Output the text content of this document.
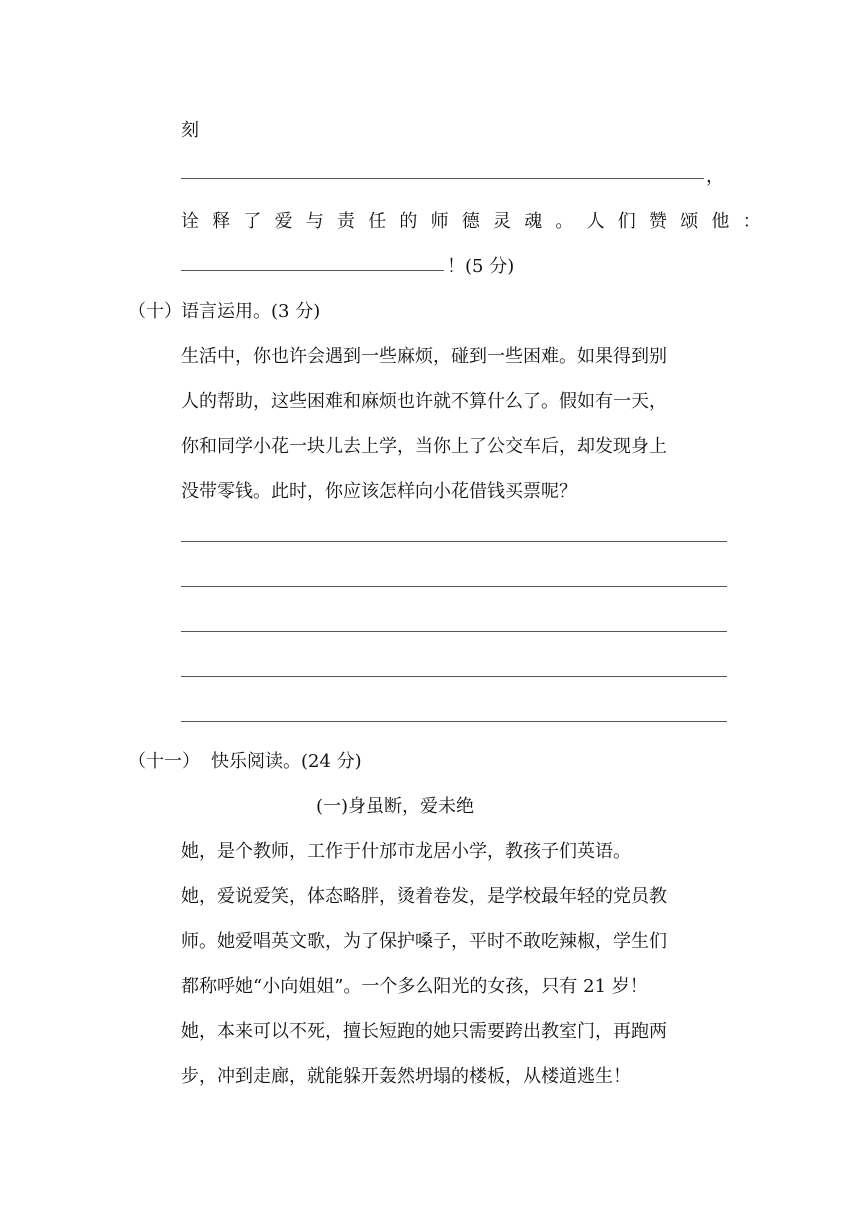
刻
，
诠释了爱与责任的师德灵魂。人们赞颂他：
！(5 分)
（十） 语言运用。(3 分)
生活中，你也许会遇到一些麻烦，碰到一些困难。如果得到别
人的帮助，这些困难和麻烦也许就不算什么了。假如有一天，
你和同学小花一块儿去上学，当你上了公交车后，却发现身上
没带零钱。此时，你应该怎样向小花借钱买票呢？
（十一） 快乐阅读。(24 分)
(一)身虽断，爱未绝
她，是个教师，工作于什邡市龙居小学，教孩子们英语。
她，爱说爱笑，体态略胖，烫着卷发，是学校最年轻的党员教
师。她爱唱英文歌，为了保护嗓子，平时不敢吃辣椒，学生们
都称呼她“小向姐姐”。一个多么阳光的女孩，只有 21 岁！
她，本来可以不死，擅长短跑的她只需要跨出教室门，再跑两
步，冲到走廊，就能躲开轰然坍塌的楼板，从楼道逃生！
